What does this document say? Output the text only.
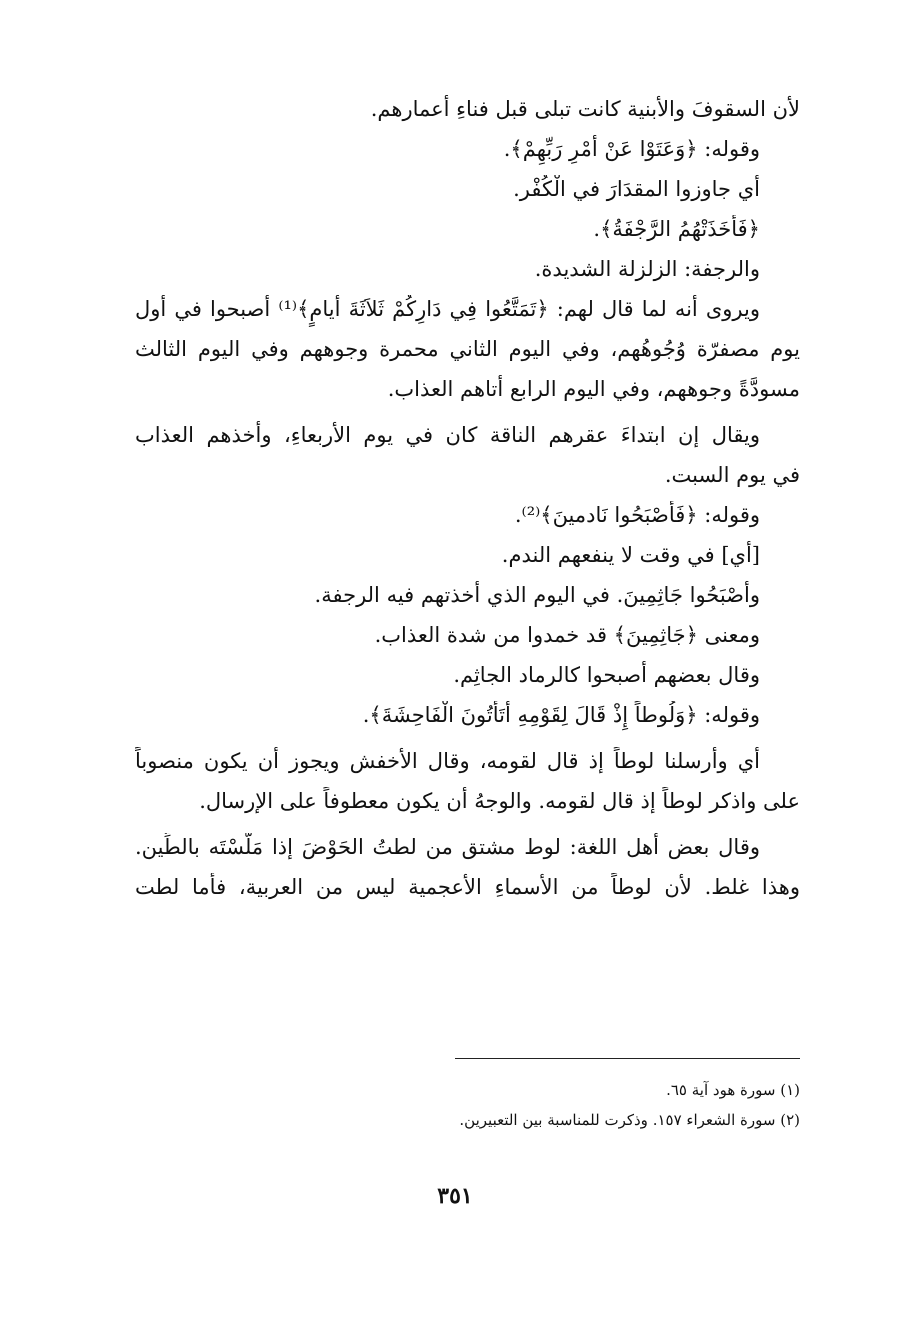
لأن السقوفَ والأبنية كانت تبلى قبل فناءِ أعمارهم.
وقوله: ﴿وَعَتَوْا عَنْ أَمْرِ رَبِّهِمْ﴾.
أي جاوزوا المقدَارَ في الْكُفْر.
﴿فَأَخَذَتْهُمُ الرَّجْفَةُ﴾.
والرجفة: الزلزلة الشديدة.
ويروى أنه لما قال لهم: ﴿تَمَتَّعُوا فِي دَارِكُمْ ثَلاَثَةَ أيامٍ﴾⁽¹⁾ أصبحوا في أول
يوم مصفرّة وُجُوهُهم، وفي اليوم الثاني محمرة وجوههم وفي اليوم الثالث
مسودَّةً وجوههم، وفي اليوم الرابع أتاهم العذاب.
ويقال إن ابتداءَ عقرهم الناقة كان في يوم الأربعاءِ، وأخذهم العذاب
في يوم السبت.
وقوله: ﴿فَأَصْبَحُوا نَادمينَ﴾⁽²⁾.
[أي] في وقت لا ينفعهم الندم.
وأَصْبَحُوا جَاثِمِينَ. في اليوم الذي أخذتهم فيه الرجفة.
ومعنى ﴿جَاثِمِينَ﴾ قد خمدوا من شدة العذاب.
وقال بعضهم أصبحوا كالرماد الجاثِم.
وقوله: ﴿وَلُوطاً إِذْ قَالَ لِقَوْمِهِ أَتَأْتُونَ الْفَاحِشَةَ﴾.
أي وأرسلنا لوطاً إذ قال لقومه، وقال الأخفش ويجوز أن يكون منصوباً
على واذكر لوطاً إذ قال لقومه. والوجهُ أن يكون معطوفاً على الإرسال.
وقال بعض أهل اللغة: لوط مشتق من لطتُ الحَوْضَ إذا مَلَّسْتَه بالطِّين.
وهذا غلط. لأن لوطاً من الأسماءِ الأعجمية ليس من العربية، فأما لطت
(١) سورة هود آية ٦٥.
(٢) سورة الشعراء ١٥٧. وذكرت للمناسبة بين التعبيرين.
٣٥١
